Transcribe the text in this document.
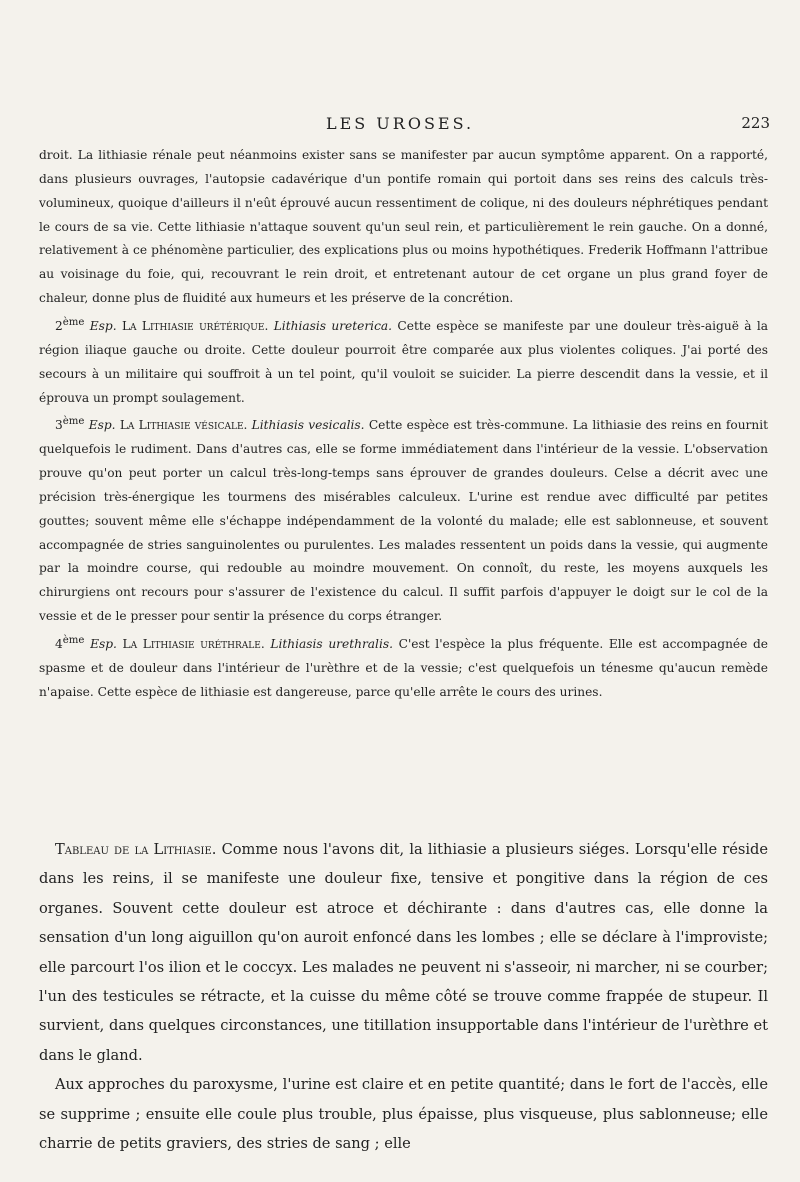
LES UROSES.	223

droit. La lithiasie rénale peut néanmoins exister sans se manifester par aucun symptôme apparent. On a rapporté, dans plusieurs ouvrages, l'autopsie cadavérique d'un pontife romain qui portoit dans ses reins des calculs très-volumineux, quoique d'ailleurs il n'eût éprouvé aucun ressentiment de colique, ni des douleurs néphrétiques pendant le cours de sa vie. Cette lithiasie n'attaque souvent qu'un seul rein, et particulièrement le rein gauche. On a donné, relativement à ce phénomène particulier, des explications plus ou moins hypothétiques. Frederik Hoffmann l'attribue au voisinage du foie, qui, recouvrant le rein droit, et entretenant autour de cet organe un plus grand foyer de chaleur, donne plus de fluidité aux humeurs et les préserve de la concrétion.

2ème Esp. La Lithiasie urétérique. Lithiasis ureterica. Cette espèce se manifeste par une douleur très-aiguë à la région iliaque gauche ou droite. Cette douleur pourroit être comparée aux plus violentes coliques. J'ai porté des secours à un militaire qui souffroit à un tel point, qu'il vouloit se suicider. La pierre descendit dans la vessie, et il éprouva un prompt soulagement.

3ème Esp. La Lithiasie vésicale. Lithiasis vesicalis. Cette espèce est très-commune. La lithiasie des reins en fournit quelquefois le rudiment. Dans d'autres cas, elle se forme immédiatement dans l'intérieur de la vessie. L'observation prouve qu'on peut porter un calcul très-long-temps sans éprouver de grandes douleurs. Celse a décrit avec une précision très-énergique les tourmens des misérables calculeux. L'urine est rendue avec difficulté par petites gouttes; souvent même elle s'échappe indépendamment de la volonté du malade; elle est sablonneuse, et souvent accompagnée de stries sanguinolentes ou purulentes. Les malades ressentent un poids dans la vessie, qui augmente par la moindre course, qui redouble au moindre mouvement. On connoît, du reste, les moyens auxquels les chirurgiens ont recours pour s'assurer de l'existence du calcul. Il suffit parfois d'appuyer le doigt sur le col de la vessie et de le presser pour sentir la présence du corps étranger.

4ème Esp. La Lithiasie uréthrale. Lithiasis urethralis. C'est l'espèce la plus fréquente. Elle est accompagnée de spasme et de douleur dans l'intérieur de l'urèthre et de la vessie; c'est quelquefois un ténesme qu'aucun remède n'apaise. Cette espèce de lithiasie est dangereuse, parce qu'elle arrête le cours des urines.

Tableau de la Lithiasie. Comme nous l'avons dit, la lithiasie a plusieurs siéges. Lorsqu'elle réside dans les reins, il se manifeste une douleur fixe, tensive et pongitive dans la région de ces organes. Souvent cette douleur est atroce et déchirante : dans d'autres cas, elle donne la sensation d'un long aiguillon qu'on auroit enfoncé dans les lombes ; elle se déclare à l'improviste; elle parcourt l'os ilion et le coccyx. Les malades ne peuvent ni s'asseoir, ni marcher, ni se courber; l'un des testicules se rétracte, et la cuisse du même côté se trouve comme frappée de stupeur. Il survient, dans quelques circonstances, une titillation insupportable dans l'intérieur de l'urèthre et dans le gland.

Aux approches du paroxysme, l'urine est claire et en petite quantité; dans le fort de l'accès, elle se supprime ; ensuite elle coule plus trouble, plus épaisse, plus visqueuse, plus sablonneuse; elle charrie de petits graviers, des stries de sang ; elle
